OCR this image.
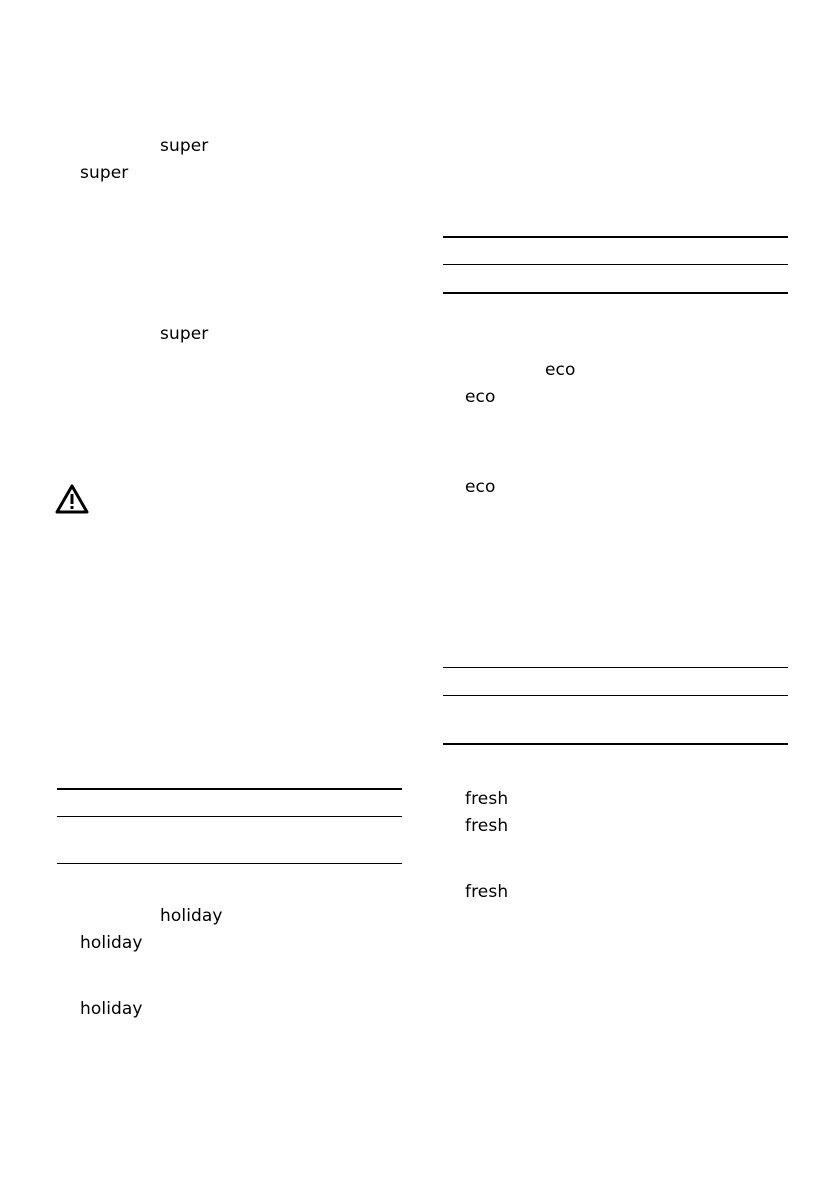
super
super
super
holiday
holiday
holiday
eco
eco
eco
fresh
fresh
fresh
